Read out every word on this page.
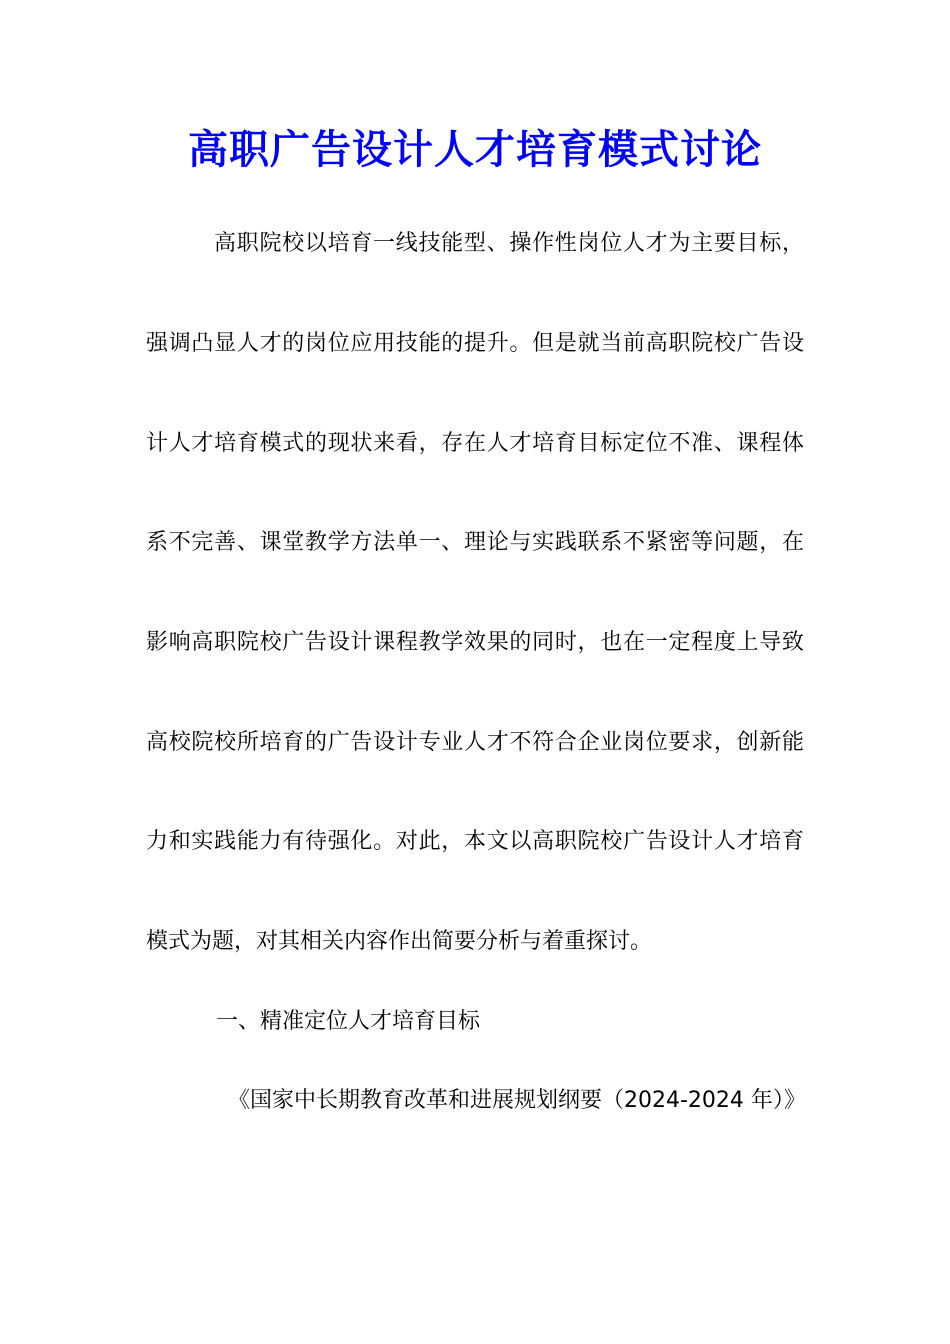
高职广告设计人才培育模式讨论

高职院校以培育一线技能型、操作性岗位人才为主要目标，

强调凸显人才的岗位应用技能的提升。但是就当前高职院校广告设

计人才培育模式的现状来看，存在人才培育目标定位不准、课程体

系不完善、课堂教学方法单一、理论与实践联系不紧密等问题，在

影响高职院校广告设计课程教学效果的同时，也在一定程度上导致

高校院校所培育的广告设计专业人才不符合企业岗位要求，创新能

力和实践能力有待强化。对此，本文以高职院校广告设计人才培育

模式为题，对其相关内容作出简要分析与着重探讨。

一、精准定位人才培育目标

《国家中长期教育改革和进展规划纲要（2024-2024 年）》
